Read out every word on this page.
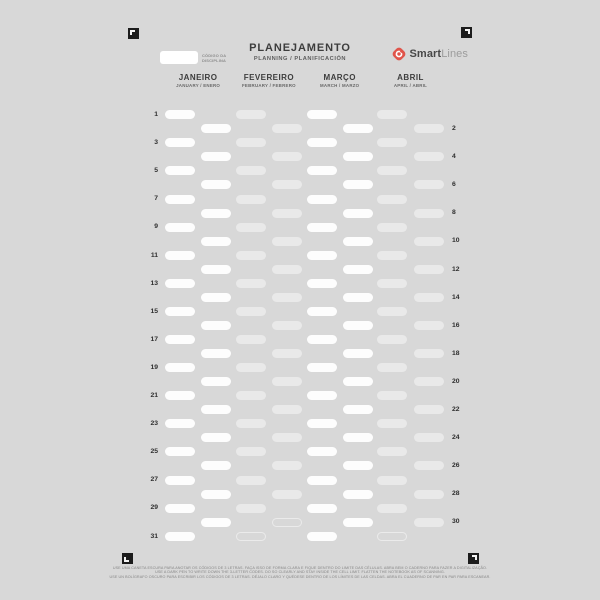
CÓDIGO DA
DISCIPLINA
PLANEJAMENTO
PLANNING / PLANIFICACIÓN	SmartLines
JANEIRO
JANUARY / ENERO
FEVEREIRO
FEBRUARY / FEBRERO
MARÇO
MARCH / MARZO
ABRIL
APRIL / ABRIL
1
2
3
4
5
6
7
8
9
10
11
12
13
14
15
16
17
18
19
20
21
22
23
24
25
26
27
28
29
30
31
USE UMA CANETA ESCURA PARA ANOTAR OS CÓDIGOS DE 3 LETRAS. FAÇA ISSO DE FORMA CLARA E FIQUE DENTRO DO LIMITE DAS CÉLULAS. ABRA BEM O CADERNO PARA FAZER A DIGITALIZAÇÃO.
USE A DARK PEN TO WRITE DOWN THE 3-LETTER CODES. DO SO CLEARLY AND STAY INSIDE THE CELL LIMIT. FLATTEN THE NOTEBOOK AS OF SCANNING.
USE UN BOLÍGRAFO OSCURO PARA ESCRIBIR LOS CÓDIGOS DE 3 LETRAS. DÉJALO CLARO Y QUÉDESE DENTRO DE LOS LÍMITES DE LAS CELDAS. ABRA EL CUADERNO DE PAR EN PAR PARA ESCANEAR.
